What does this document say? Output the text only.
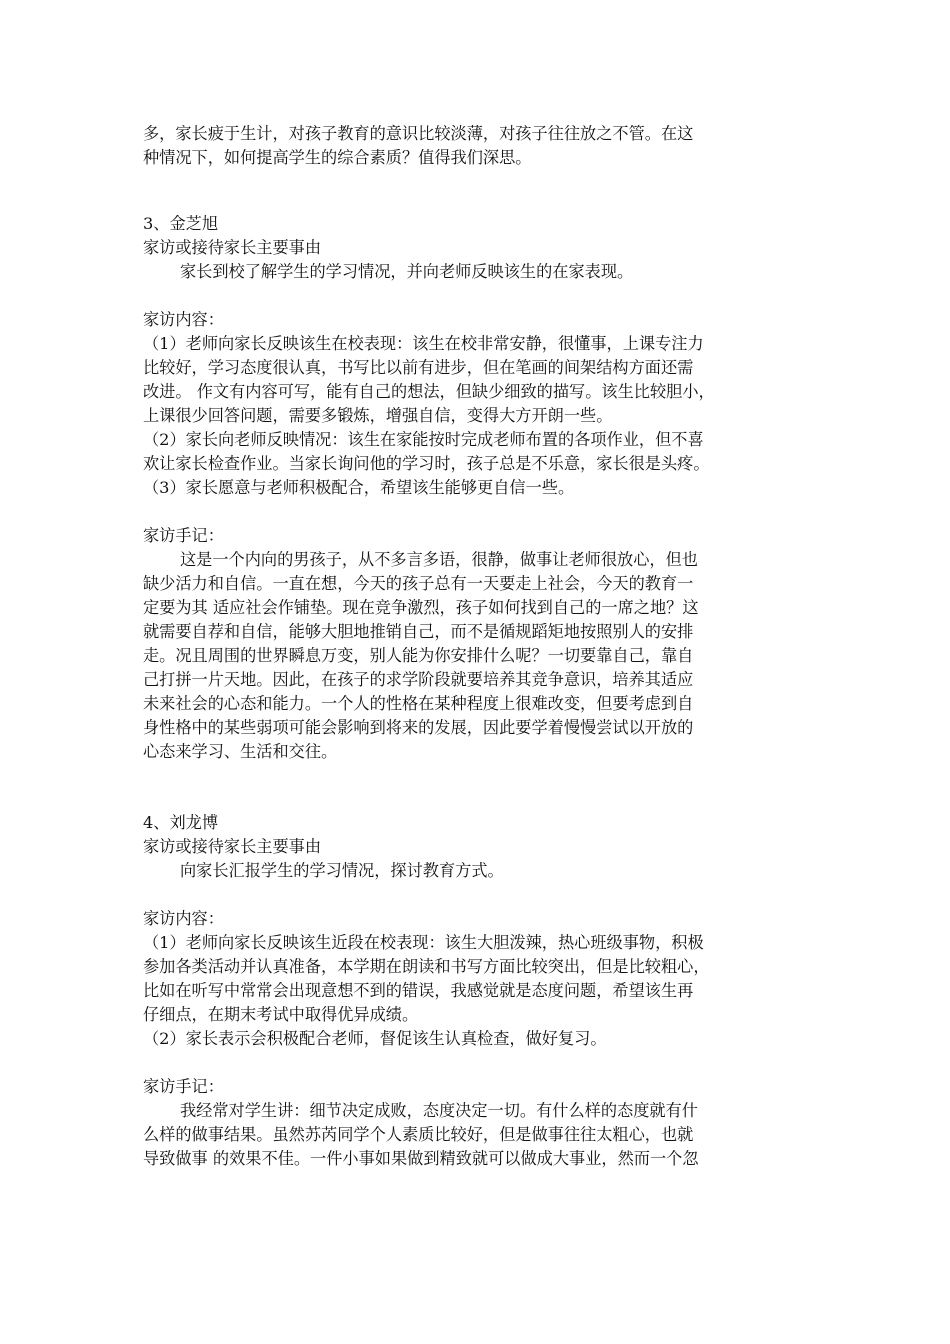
多，家长疲于生计，对孩子教育的意识比较淡薄，对孩子往往放之不管。在这
种情况下，如何提高学生的综合素质？值得我们深思。
3、金芝旭
家访或接待家长主要事由
家长到校了解学生的学习情况，并向老师反映该生的在家表现。
家访内容：
（1）老师向家长反映该生在校表现：该生在校非常安静，很懂事，上课专注力
比较好，学习态度很认真，书写比以前有进步，但在笔画的间架结构方面还需
改进。 作文有内容可写，能有自己的想法，但缺少细致的描写。该生比较胆小，
上课很少回答问题，需要多锻炼，增强自信，变得大方开朗一些。
（2）家长向老师反映情况：该生在家能按时完成老师布置的各项作业，但不喜
欢让家长检查作业。当家长询问他的学习时，孩子总是不乐意，家长很是头疼。
（3）家长愿意与老师积极配合，希望该生能够更自信一些。
家访手记：
这是一个内向的男孩子，从不多言多语，很静，做事让老师很放心，但也
缺少活力和自信。一直在想，今天的孩子总有一天要走上社会，今天的教育一
定要为其 适应社会作铺垫。现在竞争激烈，孩子如何找到自己的一席之地？这
就需要自荐和自信，能够大胆地推销自己，而不是循规蹈矩地按照别人的安排
走。况且周围的世界瞬息万变，别人能为你安排什么呢？一切要靠自己，靠自
己打拼一片天地。因此，在孩子的求学阶段就要培养其竞争意识，培养其适应
未来社会的心态和能力。一个人的性格在某种程度上很难改变，但要考虑到自
身性格中的某些弱项可能会影响到将来的发展，因此要学着慢慢尝试以开放的
心态来学习、生活和交往。
4、刘龙博
家访或接待家长主要事由
向家长汇报学生的学习情况，探讨教育方式。
家访内容：
（1）老师向家长反映该生近段在校表现：该生大胆泼辣，热心班级事物，积极
参加各类活动并认真准备，本学期在朗读和书写方面比较突出，但是比较粗心，
比如在听写中常常会出现意想不到的错误，我感觉就是态度问题，希望该生再
仔细点，在期末考试中取得优异成绩。
（2）家长表示会积极配合老师，督促该生认真检查，做好复习。
家访手记：
我经常对学生讲：细节决定成败，态度决定一切。有什么样的态度就有什
么样的做事结果。虽然苏芮同学个人素质比较好，但是做事往往太粗心，也就
导致做事 的效果不佳。一件小事如果做到精致就可以做成大事业，然而一个忽
